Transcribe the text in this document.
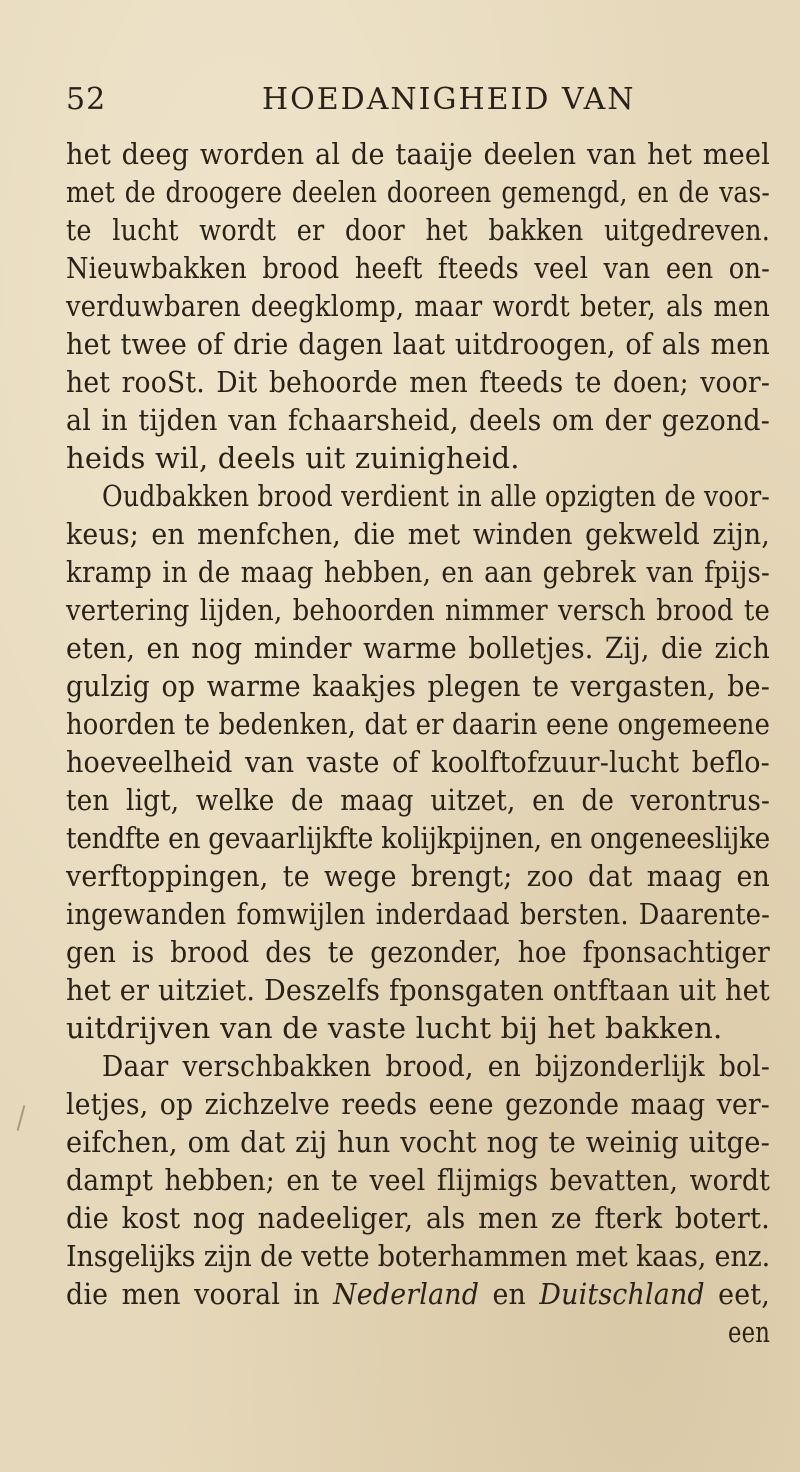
52	HOEDANIGHEID VAN
het deeg worden al de taaije deelen van het meel
met de droogere deelen dooreen gemengd, en de vas-
te lucht wordt er door het bakken uitgedreven.
Nieuwbakken brood heeft fteeds veel van een on-
verduwbaren deegklomp, maar wordt beter, als men
het twee of drie dagen laat uitdroogen, of als men
het rooSt. Dit behoorde men fteeds te doen; voor-
al in tijden van fchaarsheid, deels om der gezond-
heids wil, deels uit zuinigheid.
Oudbakken brood verdient in alle opzigten de voor-
keus; en menfchen, die met winden gekweld zijn,
kramp in de maag hebben, en aan gebrek van fpijs-
vertering lijden, behoorden nimmer versch brood te
eten, en nog minder warme bolletjes. Zij, die zich
gulzig op warme kaakjes plegen te vergasten, be-
hoorden te bedenken, dat er daarin eene ongemeene
hoeveelheid van vaste of koolftofzuur-lucht beflo-
ten ligt, welke de maag uitzet, en de verontrus-
tendfte en gevaarlijkfte kolijkpijnen, en ongeneeslijke
verftoppingen, te wege brengt; zoo dat maag en
ingewanden fomwijlen inderdaad bersten. Daarente-
gen is brood des te gezonder, hoe fponsachtiger
het er uitziet. Deszelfs fponsgaten ontftaan uit het
uitdrijven van de vaste lucht bij het bakken.
Daar verschbakken brood, en bijzonderlijk bol-
letjes, op zichzelve reeds eene gezonde maag ver-
eifchen, om dat zij hun vocht nog te weinig uitge-
dampt hebben; en te veel flijmigs bevatten, wordt
die kost nog nadeeliger, als men ze fterk botert.
Insgelijks zijn de vette boterhammen met kaas, enz.
die men vooral in Nederland en Duitschland eet,
een
